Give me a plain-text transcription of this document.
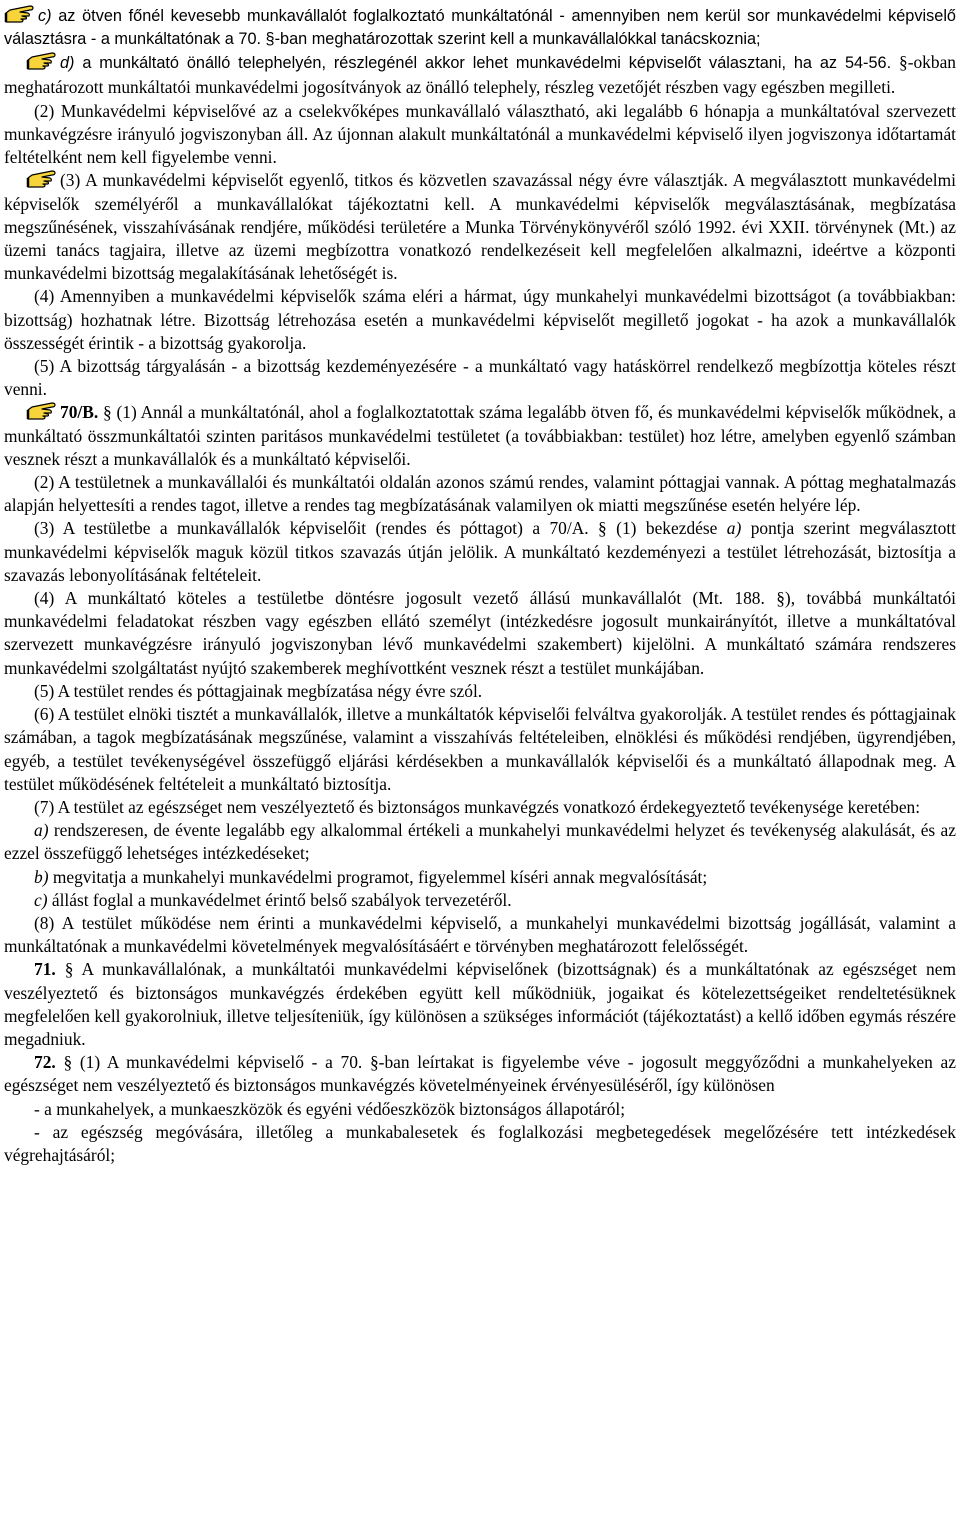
c) az ötven főnél kevesebb munkavállalót foglalkoztató munkáltatónál - amennyiben nem kerül sor munkavédelmi képviselő választásra - a munkáltatónak a 70. §-ban meghatározottak szerint kell a munkavállalókkal tanácskoznia;

d) a munkáltató önálló telephelyén, részlegénél akkor lehet munkavédelmi képviselőt választani, ha az 54-56. §-okban meghatározott munkáltatói munkavédelmi jogosítványok az önálló telephely, részleg vezetőjét részben vagy egészben megilleti.

(2) Munkavédelmi képviselővé az a cselekvőképes munkavállaló választható, aki legalább 6 hónapja a munkáltatóval szervezett munkavégzésre irányuló jogviszonyban áll. Az újonnan alakult munkáltatónál a munkavédelmi képviselő ilyen jogviszonya időtartamát feltételként nem kell figyelembe venni.

(3) A munkavédelmi képviselőt egyenlő, titkos és közvetlen szavazással négy évre választják. A megválasztott munkavédelmi képviselők személyéről a munkavállalókat tájékoztatni kell. A munkavédelmi képviselők megválasztásának, megbízatása megszűnésének, visszahívásának rendjére, működési területére a Munka Törvénykönyvéről szóló 1992. évi XXII. törvénynek (Mt.) az üzemi tanács tagjaira, illetve az üzemi megbízottra vonatkozó rendelkezéseit kell megfelelően alkalmazni, ideértve a központi munkavédelmi bizottság megalakításának lehetőségét is.

(4) Amennyiben a munkavédelmi képviselők száma eléri a hármat, úgy munkahelyi munkavédelmi bizottságot (a továbbiakban: bizottság) hozhatnak létre. Bizottság létrehozása esetén a munkavédelmi képviselőt megillető jogokat - ha azok a munkavállalók összességét érintik - a bizottság gyakorolja.

(5) A bizottság tárgyalásán - a bizottság kezdeményezésére - a munkáltató vagy hatáskörrel rendelkező megbízottja köteles részt venni.

70/B. § (1) Annál a munkáltatónál, ahol a foglalkoztatottak száma legalább ötven fő, és munkavédelmi képviselők működnek, a munkáltató összmunkáltatói szinten paritásos munkavédelmi testületet (a továbbiakban: testület) hoz létre, amelyben egyenlő számban vesznek részt a munkavállalók és a munkáltató képviselői.

(2) A testületnek a munkavállalói és munkáltatói oldalán azonos számú rendes, valamint póttagjai vannak. A póttag meghatalmazás alapján helyettesíti a rendes tagot, illetve a rendes tag megbízatásának valamilyen ok miatti megszűnése esetén helyére lép.

(3) A testületbe a munkavállalók képviselőit (rendes és póttagot) a 70/A. § (1) bekezdése a) pontja szerint megválasztott munkavédelmi képviselők maguk közül titkos szavazás útján jelölik. A munkáltató kezdeményezi a testület létrehozását, biztosítja a szavazás lebonyolításának feltételeit.

(4) A munkáltató köteles a testületbe döntésre jogosult vezető állású munkavállalót (Mt. 188. §), továbbá munkáltatói munkavédelmi feladatokat részben vagy egészben ellátó személyt (intézkedésre jogosult munkairányítót, illetve a munkáltatóval szervezett munkavégzésre irányuló jogviszonyban lévő munkavédelmi szakembert) kijelölni. A munkáltató számára rendszeres munkavédelmi szolgáltatást nyújtó szakemberek meghívottként vesznek részt a testület munkájában.

(5) A testület rendes és póttagjainak megbízatása négy évre szól.

(6) A testület elnöki tisztét a munkavállalók, illetve a munkáltatók képviselői felváltva gyakorolják. A testület rendes és póttagjainak számában, a tagok megbízatásának megszűnése, valamint a visszahívás feltételeiben, elnöklési és működési rendjében, ügyrendjében, egyéb, a testület tevékenységével összefüggő eljárási kérdésekben a munkavállalók képviselői és a munkáltató állapodnak meg. A testület működésének feltételeit a munkáltató biztosítja.

(7) A testület az egészséget nem veszélyeztető és biztonságos munkavégzés vonatkozó érdekegyeztető tevékenysége keretében:

a) rendszeresen, de évente legalább egy alkalommal értékeli a munkahelyi munkavédelmi helyzet és tevékenység alakulását, és az ezzel összefüggő lehetséges intézkedéseket;

b) megvitatja a munkahelyi munkavédelmi programot, figyelemmel kíséri annak megvalósítását;

c) állást foglal a munkavédelmet érintő belső szabályok tervezetéről.

(8) A testület működése nem érinti a munkavédelmi képviselő, a munkahelyi munkavédelmi bizottság jogállását, valamint a munkáltatónak a munkavédelmi követelmények megvalósításáért e törvényben meghatározott felelősségét.

71. § A munkavállalónak, a munkáltatói munkavédelmi képviselőnek (bizottságnak) és a munkáltatónak az egészséget nem veszélyeztető és biztonságos munkavégzés érdekében együtt kell működniük, jogaikat és kötelezettségeiket rendeltetésüknek megfelelően kell gyakorolniuk, illetve teljesíteniük, így különösen a szükséges információt (tájékoztatást) a kellő időben egymás részére megadniuk.

72. § (1) A munkavédelmi képviselő - a 70. §-ban leírtakat is figyelembe véve - jogosult meggyőződni a munkahelyeken az egészséget nem veszélyeztető és biztonságos munkavégzés követelményeinek érvényesüléséről, így különösen

- a munkahelyek, a munkaeszközök és egyéni védőeszközök biztonságos állapotáról;

- az egészség megóvására, illetőleg a munkabalesetek és foglalkozási megbetegedések megelőzésére tett intézkedések végrehajtásáról;
